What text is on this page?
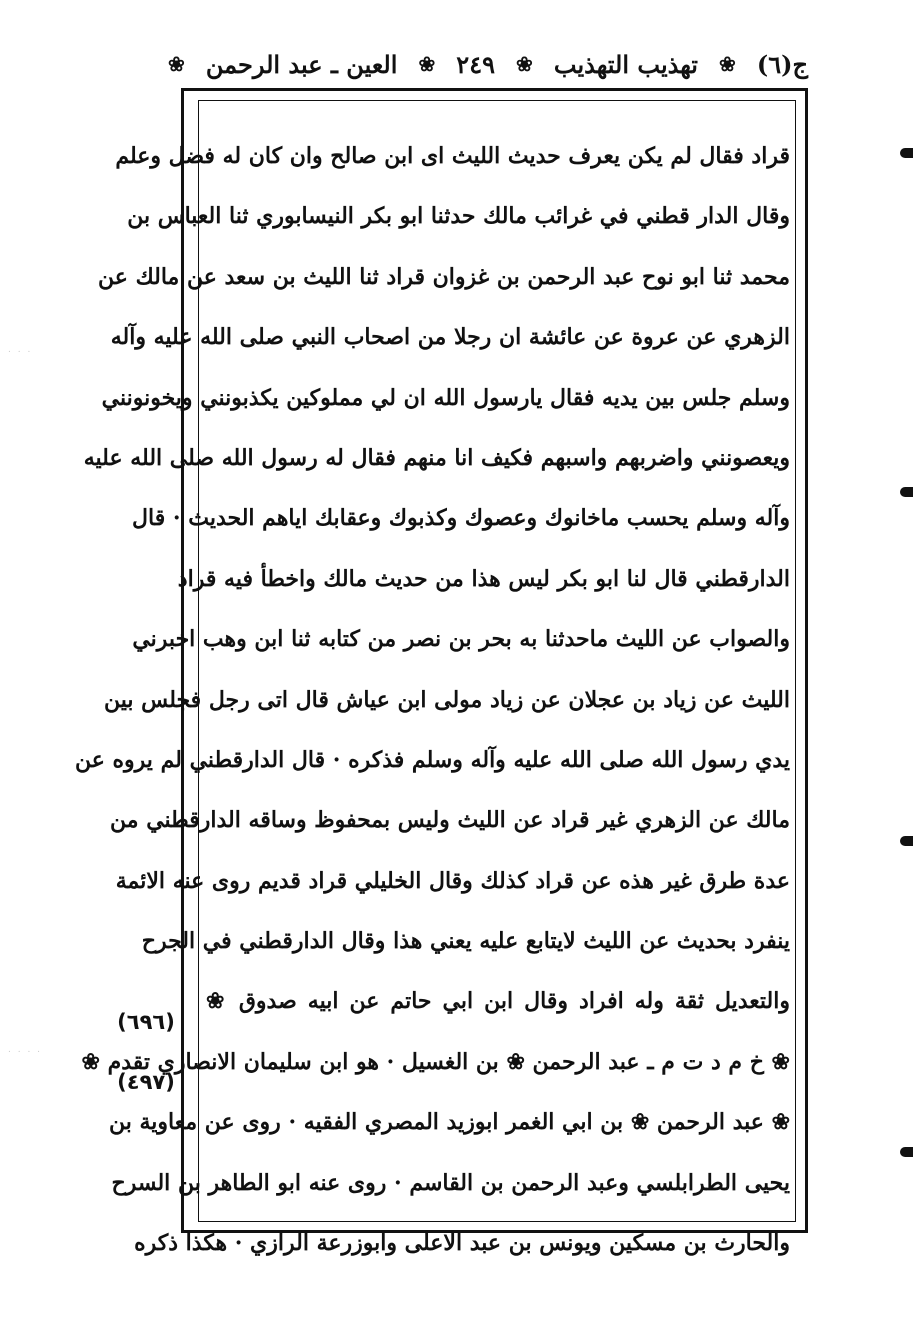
ج(٦)
❀
تهذيب التهذيب
❀
٢٤٩
❀
العين ـ عبد الرحمن
❀
قراد فقال لم يكن يعرف حديث الليث اى ابن صالح وان كان له فضل وعلم
وقال الدار قطني في غرائب مالك حدثنا ابو بكر النيسابوري ثنا العباس بن
محمد ثنا ابو نوح عبد الرحمن بن غزوان قراد ثنا الليث بن سعد عن مالك عن
الزهري عن عروة عن عائشة ان رجلا من اصحاب النبي صلى الله عليه وآله
وسلم جلس بين يديه فقال يارسول الله ان لي مملوكين يكذبونني ويخونونني
ويعصونني واضربهم واسبهم فكيف انا منهم فقال له رسول الله صلى الله عليه
وآله وسلم يحسب ماخانوك وعصوك وكذبوك وعقابك اياهم الحديث · قال
الدارقطني قال لنا ابو بكر ليس هذا من حديث مالك واخطأ فيه قراد
والصواب عن الليث ماحدثنا به بحر بن نصر من كتابه ثنا ابن وهب اخبرني
الليث عن زياد بن عجلان عن زياد مولى ابن عياش قال اتى رجل فجلس بين
يدي رسول الله صلى الله عليه وآله وسلم فذكره · قال الدارقطني لم يروه عن
مالك عن الزهري غير قراد عن الليث وليس بمحفوظ وساقه الدارقطني من
عدة طرق غير هذه عن قراد كذلك وقال الخليلي قراد قديم روى عنه الائمة
ينفرد بحديث عن الليث لايتابع عليه يعني هذا وقال الدارقطني في الجرح
والتعديل ثقة وله افراد وقال ابن ابي حاتم عن ابيه صدوق ❀
❀ خ م د ت م ـ عبد الرحمن ❀ بن الغسيل · هو ابن سليمان الانصاري تقدم ❀
❀ عبد الرحمن ❀ بن ابي الغمر ابوزيد المصري الفقيه · روى عن معاوية بن
يحيى الطرابلسي وعبد الرحمن بن القاسم · روى عنه ابو الطاهر بن السرح
والحارث بن مسكين ويونس بن عبد الاعلى وابوزرعة الرازي · هكذا ذكره
(٦٩٦)
(٤٩٧)
. . .
. . . .
